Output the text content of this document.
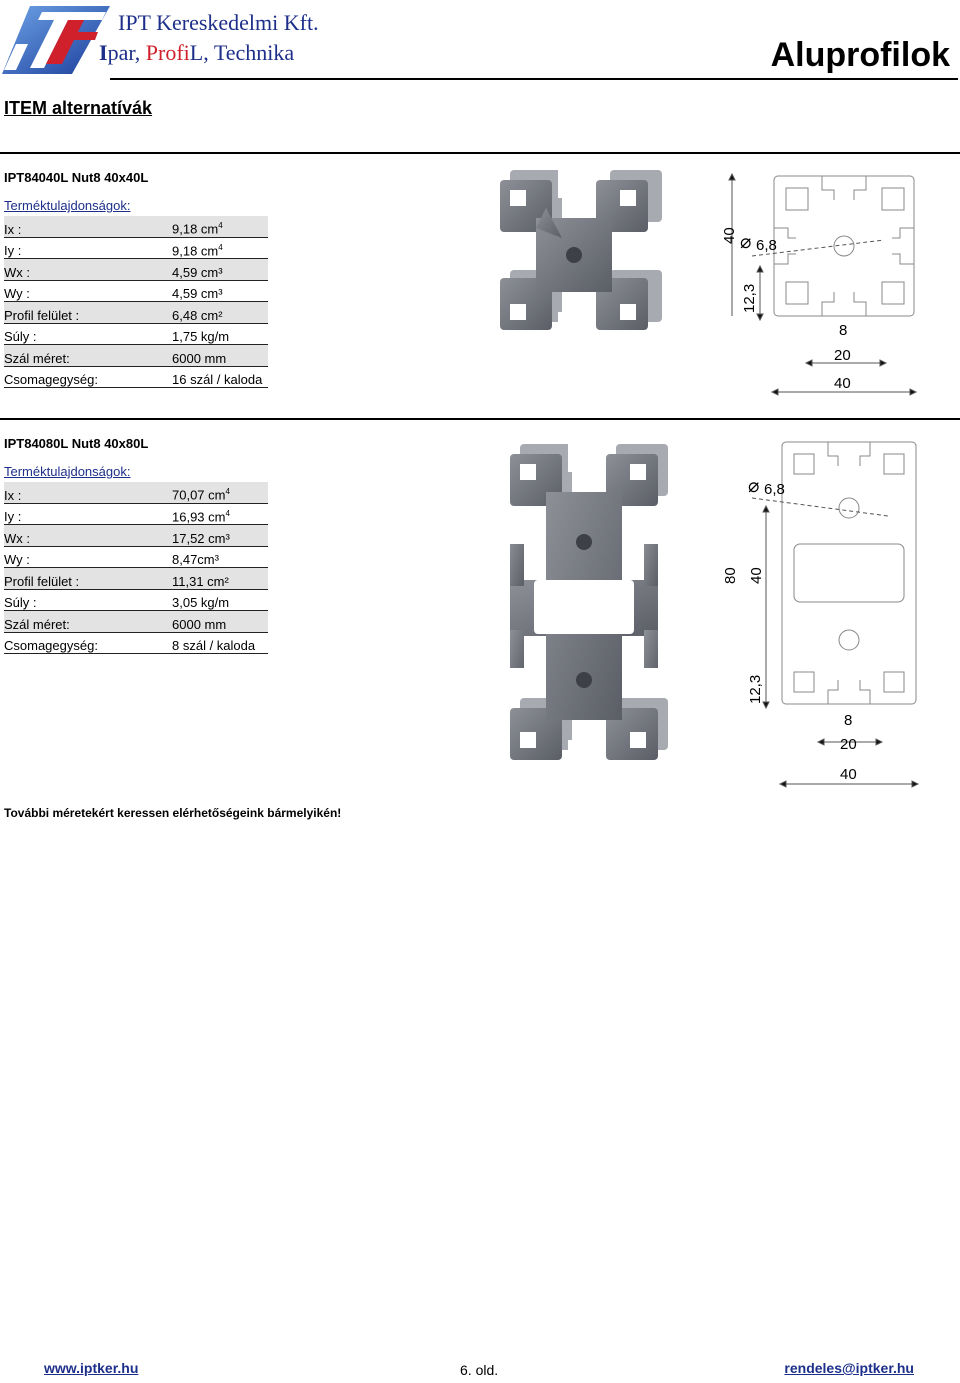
IPT Kereskedelmi Kft.
Ipar, ProfiL, Technika	Aluprofilok
ITEM alternatívák
IPT84040L Nut8 40x40L
Terméktulajdonságok:
Ix :	9,18 $cm^4$
Iy :	9,18 $cm^4$
Wx :	4,59 cm³
Wy :	4,59 cm³
Profil felület :	6,48 cm²
Súly :	1,75 kg/m
Szál méret:	6000 mm
Csomagegység:	16 szál / kaloda
40 ⌀ 6,8
12,3
8
20
40
IPT84080L Nut8 40x80L
Terméktulajdonságok:
Ix :	70,07 $cm^4$
Iy :	16,93 $cm^4$
Wx :	17,52 cm³
Wy :	8,47cm³
Profil felület :	11,31 cm²
Súly :	3,05 kg/m
Szál méret:	6000 mm
Csomagegység:	8 szál / kaloda
80 40
⌀ 6,8
12,3
8
20
40
További méretekért keressen elérhetőségeink bármelyikén!
www.iptker.hu	6. old.	rendeles@iptker.hu
